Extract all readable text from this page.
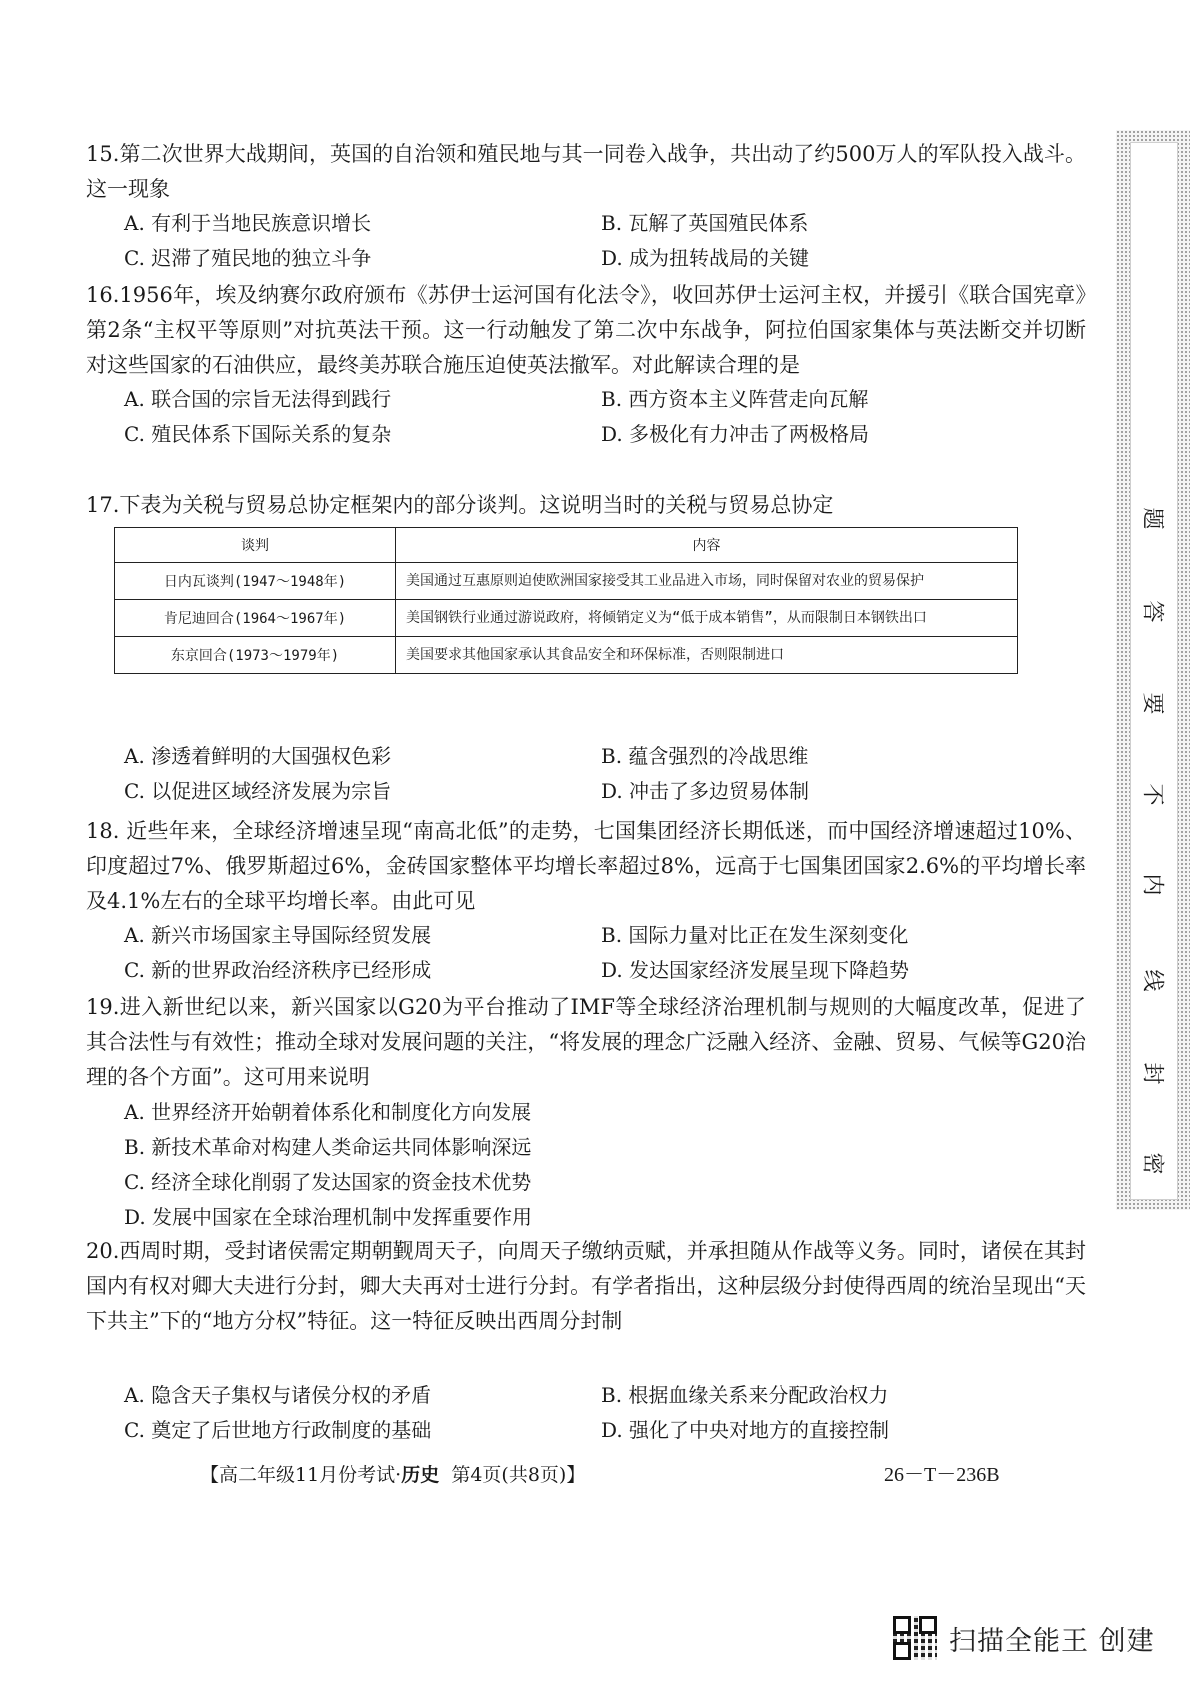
15.第二次世界大战期间，英国的自治领和殖民地与其一同卷入战争，共出动了约500万人的军队投入战斗。这一现象

A. 有利于当地民族意识增长	B. 瓦解了英国殖民体系
C. 迟滞了殖民地的独立斗争	D. 成为扭转战局的关键

16.1956年，埃及纳赛尔政府颁布《苏伊士运河国有化法令》，收回苏伊士运河主权，并援引《联合国宪章》第2条“主权平等原则”对抗英法干预。这一行动触发了第二次中东战争，阿拉伯国家集体与英法断交并切断对这些国家的石油供应，最终美苏联合施压迫使英法撤军。对此解读合理的是

A. 联合国的宗旨无法得到践行	B. 西方资本主义阵营走向瓦解
C. 殖民体系下国际关系的复杂	D. 多极化有力冲击了两极格局

17.下表为关税与贸易总协定框架内的部分谈判。这说明当时的关税与贸易总协定

谈判	内容
日内瓦谈判(1947～1948年)	美国通过互惠原则迫使欧洲国家接受其工业品进入市场，同时保留对农业的贸易保护
肯尼迪回合(1964～1967年)	美国钢铁行业通过游说政府，将倾销定义为“低于成本销售”，从而限制日本钢铁出口
东京回合(1973～1979年)	美国要求其他国家承认其食品安全和环保标准，否则限制进口
A. 渗透着鲜明的大国强权色彩	B. 蕴含强烈的冷战思维
C. 以促进区域经济发展为宗旨	D. 冲击了多边贸易体制

18. 近些年来，全球经济增速呈现“南高北低”的走势，七国集团经济长期低迷，而中国经济增速超过10%、印度超过7%、俄罗斯超过6%，金砖国家整体平均增长率超过8%，远高于七国集团国家2.6%的平均增长率及4.1%左右的全球平均增长率。由此可见

A. 新兴市场国家主导国际经贸发展	B. 国际力量对比正在发生深刻变化
C. 新的世界政治经济秩序已经形成	D. 发达国家经济发展呈现下降趋势

19.进入新世纪以来，新兴国家以G20为平台推动了IMF等全球经济治理机制与规则的大幅度改革，促进了其合法性与有效性；推动全球对发展问题的关注，“将发展的理念广泛融入经济、金融、贸易、气候等G20治理的各个方面”。这可用来说明

A. 世界经济开始朝着体系化和制度化方向发展
B. 新技术革命对构建人类命运共同体影响深远
C. 经济全球化削弱了发达国家的资金技术优势
D. 发展中国家在全球治理机制中发挥重要作用

20.西周时期，受封诸侯需定期朝觐周天子，向周天子缴纳贡赋，并承担随从作战等义务。同时，诸侯在其封国内有权对卿大夫进行分封，卿大夫再对士进行分封。有学者指出，这种层级分封使得西周的统治呈现出“天下共主”下的“地方分权”特征。这一特征反映出西周分封制

A. 隐含天子集权与诸侯分权的矛盾	B. 根据血缘关系来分配政治权力
C. 奠定了后世地方行政制度的基础	D. 强化了中央对地方的直接控制
【高二年级11月份考试·历史 第4页(共8页)】	26－T－236B
密
封
线
内
不
要
答
题
扫描全能王 创建
